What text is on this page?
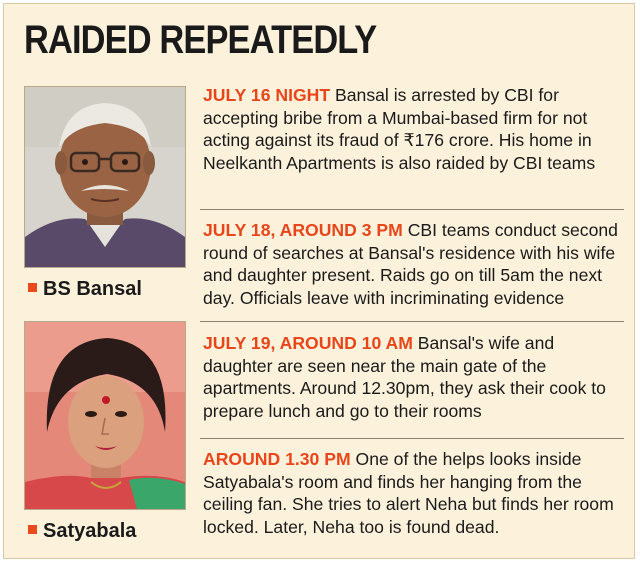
RAIDED REPEATEDLY
BS Bansal
Satyabala
JULY 16 NIGHT Bansal is arrested by CBI for accepting bribe from a Mumbai-based firm for not acting against its fraud of ₹176 crore. His home in Neelkanth Apartments is also raided by CBI teams
JULY 18, AROUND 3 PM CBI teams conduct second round of searches at Bansal's residence with his wife and daughter present. Raids go on till 5am the next day. Officials leave with incriminating evidence
JULY 19, AROUND 10 AM Bansal's wife and daughter are seen near the main gate of the apartments. Around 12.30pm, they ask their cook to prepare lunch and go to their rooms
AROUND 1.30 PM One of the helps looks inside Satyabala's room and finds her hanging from the ceiling fan. She tries to alert Neha but finds her room locked. Later, Neha too is found dead.
